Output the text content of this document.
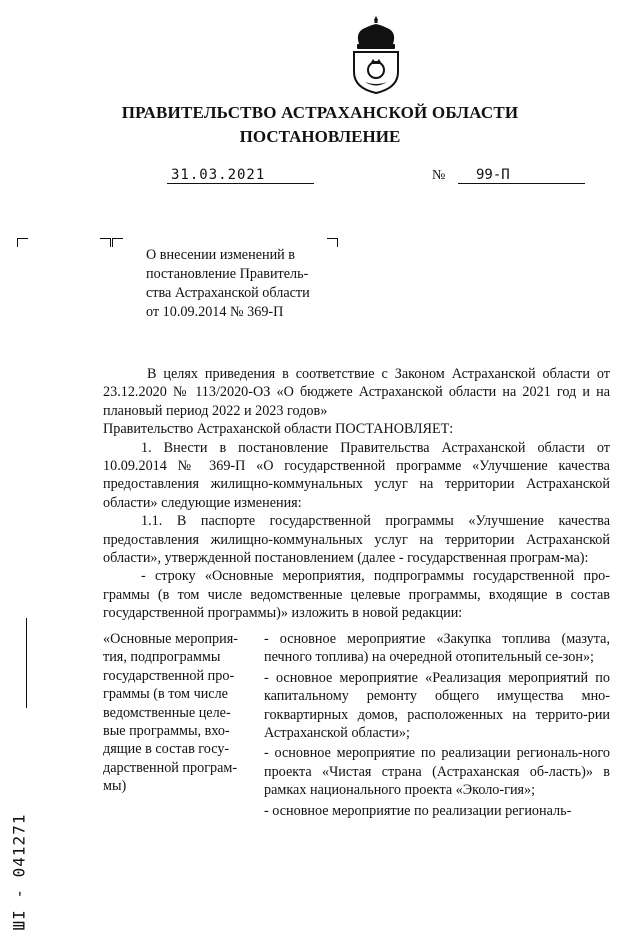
ПРАВИТЕЛЬСТВО АСТРАХАНСКОЙ ОБЛАСТИ
ПОСТАНОВЛЕНИЕ
31.03.2021	№	99-П

О внесении изменений в

постановление Правитель-

ства Астраханской области

от 10.09.2014 № 369-П

В целях приведения в соответствие с Законом Астраханской области от 23.12.2020 № 113/2020-ОЗ «О бюджете Астраханской области на 2021 год и на плановый период 2022 и 2023 годов»

Правительство Астраханской области ПОСТАНОВЛЯЕТ:

1. Внести в постановление Правительства Астраханской области от 10.09.2014 № 369-П «О государственной программе «Улучшение качества предоставления жилищно-коммунальных услуг на территории Астраханской области» следующие изменения:

1.1. В паспорте государственной программы «Улучшение качества предоставления жилищно-коммунальных услуг на территории Астраханской области», утвержденной постановлением (далее - государственная програм-ма):

- строку «Основные мероприятия, подпрограммы государственной про-граммы (в том числе ведомственные целевые программы, входящие в состав государственной программы)» изложить в новой редакции:

«Основные мероприя-тия, подпрограммы государственной про-граммы (в том числе ведомственные целе-вые программы, вхо-дящие в состав госу-дарственной програм-мы)

- основное мероприятие «Закупка топлива (мазута, печного топлива) на очередной отопительный се-зон»;

- основное мероприятие «Реализация мероприятий по капитальному ремонту общего имущества мно-гоквартирных домов, расположенных на террито-рии Астраханской области»;

- основное мероприятие по реализации региональ-ного проекта «Чистая страна (Астраханская об-ласть)» в рамках национального проекта «Эколо-гия»;

- основное мероприятие по реализации региональ-

ШI - 041271
